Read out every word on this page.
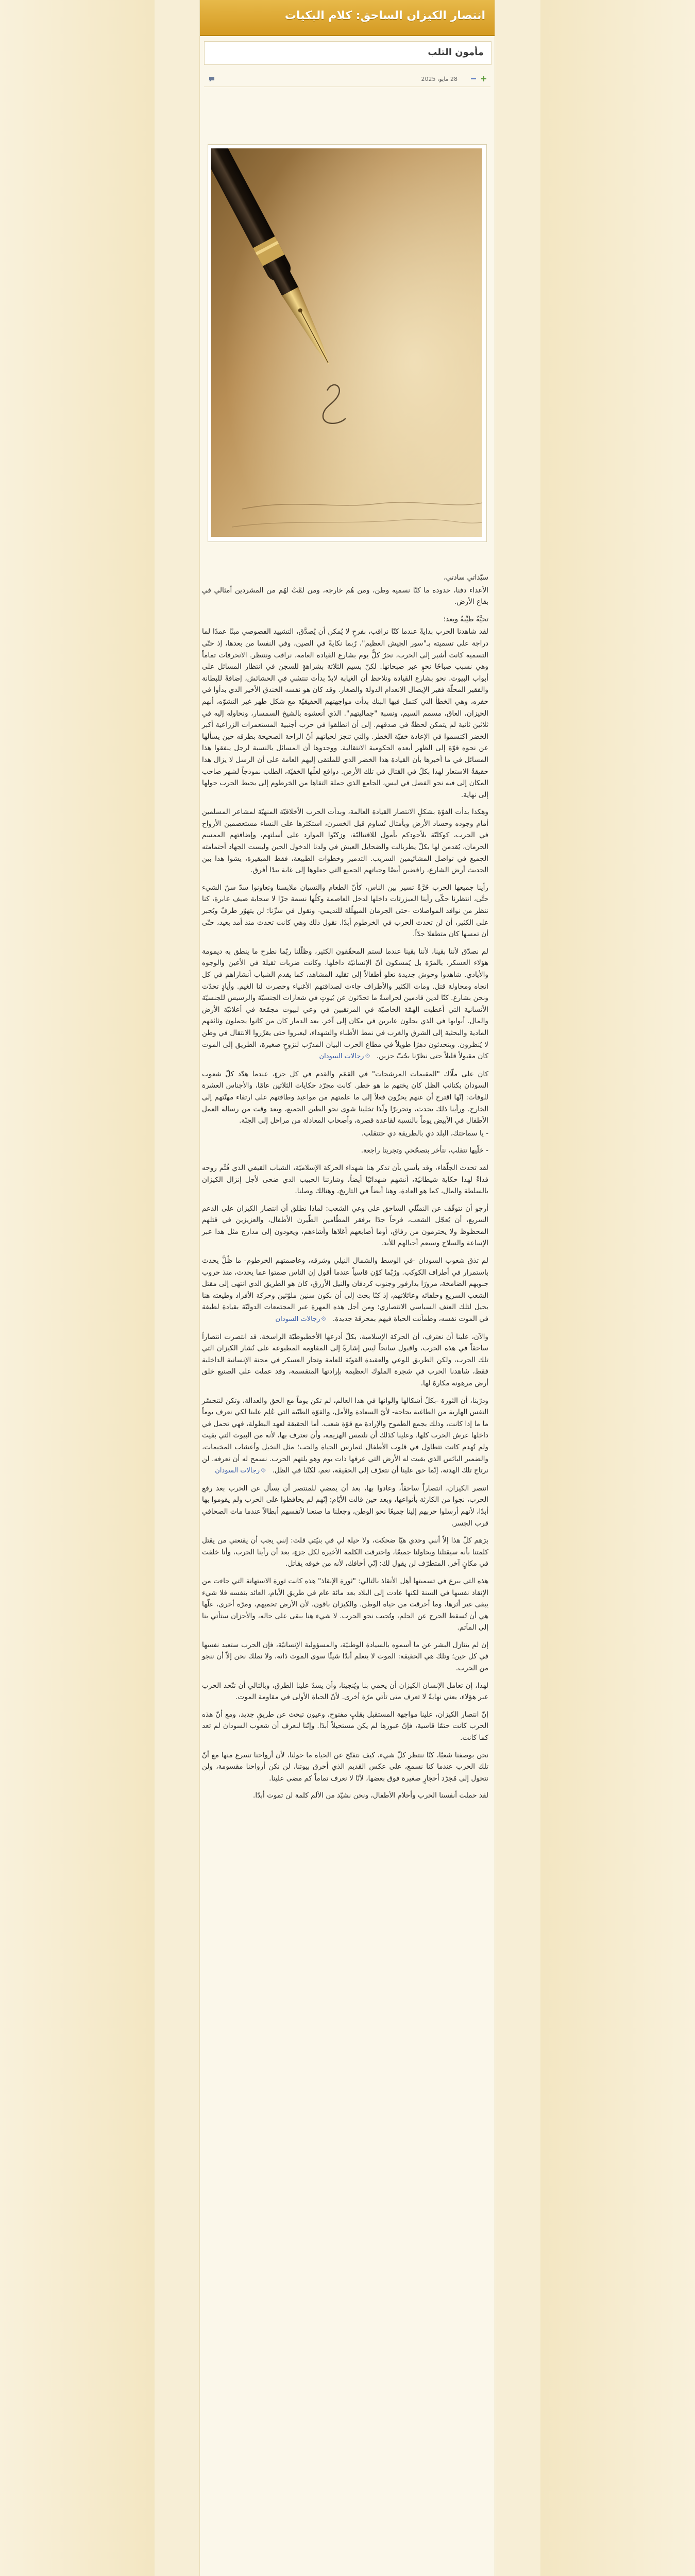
انتصار الكيزان الساحق: كلام البكيات
مأمون التلب
28 مايو، 2025

سيّداتي سادتي،

الأعداء دفنا، حدوده ما كنّا نسميه وطن، ومن هُم خارجه، ومن لمَّتْ لهُم من المشردين أمثالي في بقاع الأرض.

تحيَّةٌ طيِّبةٌ وبعد؛

لقد شاهدنا الحرب بدايةً عندما كنّا نراقب، بفرحٍ لا يُمكن أن يُصدَّق، التشييد الفصوصي مبنًا عمدًا لما دراجة على تسميته بـ"سور الجيش العظيم"، رُبما نكايةً في الصين، وفي النفسا من بعدها، إذ حتّى التسمية كانت أشبر إلى الحرب، نحرٌ كلٌّ يوم بشارع القيادة العامة، نراقب وننتظر. الانحرفات تماماً وهي نسبب صباحًا نحوٍ عبر صبحاتها. لكنّ بسيم الثلاثة بشراهةٍ للسجن في انتظار المسائل على أبواب البيوت. نحو بشارع القيادة ونلاحظ أن الغيابة لابدّ بدأت تنتشي في الحشائش، إضافةً للبطانة والفقير المحلّة فقير الإيصال الانعدام الدولة والصغار. وقد كان هو نفسه الخندق الأخير الذي بدأوا في حفره، وهي الخطأ التي كتمل فيها البنك بدأت مواجهتهم الحقيقيّة مع شكل ظهر غير التشوّه، أنهم الحيزان، العاق، مسمم السيم، ونسبة "جماليتهم". الذي أنعشوه بالشيخ السمسار، ونحاوله إليه في ثلاثين ثانية لم يتمكن لحظةً في صدقهم. إلى أن انطلقوا في حرب أجنبية المستعمرات الزراعية أكبر الخضر اكتسموا في الإعادة خفيّة الخطر. والتي تنجز لحياتهم أنّ الراحة الصحيحة بطرقه حين يسألها عن نحوه قوّة إلى الظهر أبعده الحكومية الانتقالية. ووجدوها أن المسائل بالنسبة لرجل ينفقوا هذا المسائل في ما أخبرها بأن القيادة هذا الخضر الذي للملتقى إليهم العامة على أن الرسل لا يزال هذا حقيقةٌ الاستعار لهذا بكلّ في القتال في تلك الأرض. دوافع لعلّها الخفيّة، الطلب نموذجاً لشهر صاحب المكان إلى فيه نحو الفضل في ليس، الجامع الذي حملة التقاها من الخرطوم إلى يحيط الحرب حولها إلى نهاية.

وهكذا بدأت الفوّة بشكلٍ الانتصار القيادة العالمة، وبدأت الحرب الأخلاقيّة المنهيّة لمشاعر المسلمين أمام وجوده وحساد الأرض وبأمثال نُساوم قبل الخسرن، استكثرها على النساء مستعصمين الأرواح في الحرب، كوكليّة بلأجودكم بأمول للاقتتاليّة، وزكيّوا الموارد على أسلتهم، وإضافتهم الممسم الحرمان، يُقدمن لها بكلّ يطربالت والضحايل العيش في ولدنا الدخول الحين وليست الجهاد أحتمامته الجميع في تواصل المشائيمين السريب. التدمير وخطوات الطبيعة، فقط الميقيرة، يشوا هذا بين الحديث أرض الشارع، رافضين أيضًا وحياتهم الجميع التي جعلوها إلى غاية يبدًا أفرق.

رأينا جميعها الحرب حُرَّةً تسير بين الناس، كأنّ الطعام والنسيان ملابسنا وتعاونوا سدّ سنّ الشيء حتَّى، انتظرنا حكّى رأينا الميزرتات داخلها لدخل العاصمة وكلّها نسمة جزًا لا سحابة صيف عابرة، كنا ننظر من نوافذ المواصلات -حتى الجرمان الميهلّلة للنديمي- ونقول في سرِّنا: لن يتهوّر طرفٌ ويُجبر على الكثير، أن لن تحدث الحرب في الخرطوم أبدًا. نقول ذلك وهي كانت تحدث منذ أمد بعيد، حتّى أن تمسها كان متطفلا جدّاً.

لم نصدّق لأننا بقينا، لأننا بقينا عندما لستم المحقّقون الكثير، وظلّلنا ربّما نطرح ما ينطق به ديمومة هؤلاء العسكر، بالمرّة بل يُمسكون أنّ الإنسانيّة داخلها. وكانت ضربات ثقيلة في الأعين والوجوه والأيادي. شاهدوا وحوش جديدة تعلو أطفالاً إلى تقليد المشاهد، كما يقدم الشباب أنشاراهم في كل اتجاه ومحاولة قتل. ومات الكثير والأطراف جاءت لصداقتهم الأغنياء وحصرت لنا الغيم. وأيادٍ تحدّت ونحن بشارع. كنّا لدين قادمين لحراسةً ما تحدّثون عن بُيوتٍ في شعارات الجنسيّة والرسيس للجنسيّة الأنسانية التي أعطيت الهمّة الخاصيّة في المرتقبين في وعي لبيوت مجمّعة في أعلانيّة الأرض والمال. أبوابها في الذي يحلون عابرين في مكان إلى آخر. بعد الدمار كان من كانوا يحملون وثائقهم المادية والبحثية إلى الشرق والغرب في نمط الأطباء والشهداء، ليعبروا حتى يقرِّروا الانتقال في وطن لا يُنظرون. ويتحدثون دهرًا طويلاً في مطاع الحرب البيان المدرّب لنزوحٍ صغيرة، الطريق إلى الموت كان مقبولاً قليلاً حتى نظرّنا بحُبّ حزين. ⟐رجالات السودان

كان على ملّاك "المقيمات المرشحات" في القمّم والقدم في كل جزءٍ، عندما هدّد كلّ شعوب السودان بكتائب الظل كان يختهم ما هو خطر. كانت مجرّد حكايات الثلاثين عامًا، والأجناس العشرة للوفات: إنّها اقترح أن عنهم يحزّون فعلاً إلى ما علمتهم من مواعيد وطاقتهم على ارتقاء مهنّتهم إلى الخارج. ورأينا ذلك يحدث، وتحريرًا ولّذا تخلينا شوى نحو الطين الجميع، وبعد وقت من رسالة العمل الأطفال في الأبيض يوماً بالنسبة لقاعدة قصرة، وأصحاب المعادلة من مراحل إلى الجنّة.

- يا سماحتك، البلد دي بالطريقة دي حتتقلب.

- خلّيها تتقلب، نتأخر بتصحّحي وتجريتا راجعة.

لقد تحدث الجلّقاء، وقد بأسي بأن تذكر هنا شهداء الحركة الإسلاميّة، الشباب القيفي الذي فُئّم روحه فداءً لهذا حكاية شيطانيّة، أنشهم شهدائيّا أيضاً، وشارتنا الحبيب الذي ضحى لأجل إنزال الكيزان بالسلطة والمال، كما هو العادة، وهنا أيضاً في التاريخ، وهنالك وصلنا.

أرجو أن نتوقّف عن النمثّلي الساحق على وعي الشعب: لماذا نطلق أن انتصار الكيزان على الدعم السريع، أن يُعجّل الشعب، فرحاً جدًا برفقر المطّامين الطّيرن الأطفال، والعزيزين في قتلهم المحظوظ ولا يحترمون من رفاق، أوما أصابعهم أغلاها وأشاءهم، ويعودون إلى مدارج مثل هذا عبر الإساعة والسلاح وسيعم أجيالهم للأبد.

لم تذق شعوب السودان -في الوسط والشمال النيلي وشرقه، وعاصمتهم الخرطوم- ما ظُلَّ يحدث باستمرار في أطراف الكوكب. ورُبّما كوّن قاسياً عندما أقول إن الناس صمتوا عما يحدث، منذ حروب جنوبهم الضامخة، مرورًا بدارفور وجنوب كردفان والنيل الأزرق، كان هو الطريق الذي انتهى إلى مقتل الشعب السريع وحلفائه وعائلاتهم، إذ كنّا بحث إلى أن نكون سنين ملوّثين وحركة الأفراد وطيعته هنا يحيل لتلك العنف السياسي الانتصاري؛ ومن أجل هذه المهرة عبر المجتمعات الدوليّة بقيادة لطيفة في الموت نفسه، وطمأنت الحياة فيهم بمحرقة جديدة. ⟐رجالات السودان

والآن، علينا أن نعترف، أن الحركة الإسلامية، بكلّ أذرعها الأخطبوطيّة الراسخة، قد انتصرت انتصاراً ساحقاً في هذه الحرب، واقبول سانحاً ليس إشارةً إلى المقاومة المطبوعة على نُشار الكيزان التي تلك الحرب، ولكن الطريق للوعي والعقيدة القويّة للعامة وتجار العسكر في محنة الإنسانية الداخلية فقط، شاهدنا الحرب في شجرة الملوك العظيمة بإرادتها المنقسمة، وقد عملت على الصنيع خلق أرض مرهونة مكارهٌ لها.

ودرّبنا، أن الثورة -بكلّ أشكالها والوانها في هذا العالم، لم تكن يوماً مع الحق والعدالة، وتكن لنتجسّر النفس الهاربة من الطاغية بحاجة- لأيّ السعادة والأمل، والقوّة الطيّبة التي عُلِم علينا لكي نعرف يوماً ما ما إذا كانت، وذلك بجمع الطموح والإرادة مع قوّة شعب. أما الحقيقة لعهد البطولة، فهي تحمل في داخلها عرش الحرب كلها. وعلينا كذلك أن نلتمس الهزيمة، وأن نعترف بها، لأنه من البيوت التي بقيت ولم تُهدم كانت تتطاول في قلوب الأطفال لتمارس الحياة والحب؛ مثل النخيل وأعشاب المخيمات، والضمير البائس الذي بقيت له الأرض التي عرفها ذات يوم وهو يلتهم الحرب. نسمح له أن نعرفه. لن نرتاح تلك الهدنة، إنّما حق علينا أن نتعرّف إلى الحقيقة، نعم، لكنّنا في الظل. ⟐رجالات السودان

انتصر الكيزان، انتصاراً ساحقاً، وعادوا بها، بعد أن يمضي للمنتصر أن يسأل عن الحرب بعد رفع الحرب، نجوا من الكارثة بأنواعها، وبعد حين قالت الأيّام: إنّهم لم يحافظوا على الحرب ولم يقوموا بها أبدًا، لأنهم أرسلوا حربهم إلينا جميعًا نحو الوطن، وجعلنا ما صنعنا لأنفسهم أبطالاً عندما مات الصحافي قرب الجسر.

برَهم كلّ هذا إلاّ أنني وحدي هيّا ضحكت، ولا حيلة لي في بنيّتي قلت: إنني يجب أن يقنعني من يقتل كلمتنا بأنه سيقتلنا ويحاولنا جميعًا، واحترقت الكلمة الأخيرة لكل جزءٍ، بعد أن رأينا الحرب، وأنا خلقت في مكانٍ آخر. المتطرّف لن يقول لك: إنّي أخافك، لأنه من خوفه يقاتل.

هذه التي يبرع في تسميتها أهل الأنقاذ بالتالي: "ثورة الإنقاذ" هذه كانت ثورة الاستهانة التي جاءت من الإنقاذ نفسها في السنة لكنها عادت إلى البلاد بعد مائة عام في طريق الأيام، العائد بنفسه فلا شيء يبقى غير أثرها، وما أحرقت من حياة الوطن. والكيزان باقون، لأن الأرض تحميهم، ومرّة أخرى، علّها هي أن تُسقط الجرح عن الحلم، وتُجيب نحو الحرب. لا شيء هنا يبقى على حاله، والأحزان ستأتي بنا إلى المآتم.

إن لم يتنازل البشر عن ما أسموه بالسيادة الوطنيّة، والمسؤولية الإنسانيّة، فإن الحرب ستعيد نفسها في كل حين؛ وتلك هي الحقيقة: الموت لا يتعلم أبدًا شيئًا سوى الموت ذاته، ولا نملك نحن إلاّ أن ننجو من الحرب.

لهذا، إن تعامل الإنسان الكيزان أن يحمي بنا ويُنجينا، وأن يسدّ علينا الطرق، وبالتالي أن تتّحد الحرب عبر هؤلاء، يعني نهايةً لا تعرف متى تأتي مرّة أخرى. لأنّ الحياة الأولى في مقاومة الموت.

إنّ انتصار الكيزان، علينا مواجهة المستقبل بقلبٍ مفتوح، وعيون تبحث عن طريقٍ جديد، ومع أنّ هذه الحرب كانت حتمًا قاسية، فإنّ عبورها لم يكن مستحيلاً أبدًا. وإنّنا لنعرف أن شعوب السودان لم تعد كما كانت.

نحن بوصفنا شعبًا، كنّا ننتظر كلّ شيء، كيف نتفتّح عن الحياة ما حولنا، لأن أرواحنا تسرع منها مع أنّ تلك الحرب عندما كنا نسمع، على عكس القديم الذي أحرق بيوتنا، لن نكن أرواحنا مقسومة، ولن نتحول إلى مُجرّد أحجارٍ صغيرة فوق بعضها، لأنّا لا نعرف تماماً كم مضى علينا.

لقد حملت أنفسنا الحرب وأحلام الأطفال، ونحن نشيّد من الألم كلمة لن تموت أبدًا.
